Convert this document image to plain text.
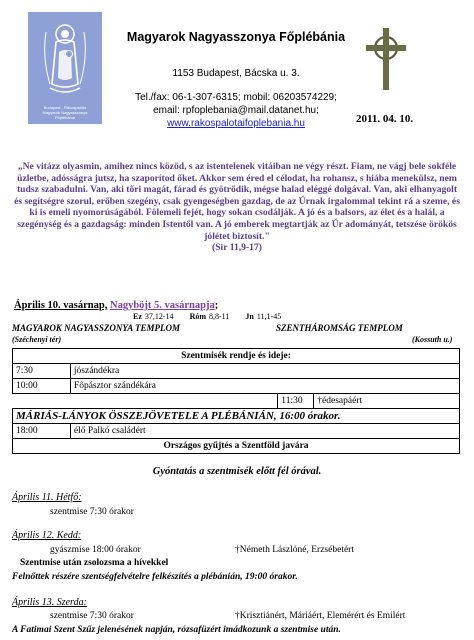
Budapest - Rákospalota
Magyarok Nagyasszonya
Főplébánia
Magyarok Nagyasszonya Főplébánia
1153 Budapest, Bácska u. 3.
Tel./fax: 06-1-307-6315; mobil: 06203574229;
email: rpfoplebania@mail.datanet.hu;
www.rakospalotaifoplebania.hu	2011. 04. 10.
„Ne vitázz olyasmin, amihez nincs közöd, s az istentelenek vitáiban ne végy részt. Fiam, ne vágj bele sokféle üzletbe, adósságra jutsz, ha szaporítod őket. Akkor sem éred el célodat, ha rohansz, s hiába menekülsz, nem tudsz szabadulni. Van, aki tőri magát, fárad és gyötrődik, mégse halad eléggé dolgával. Van, aki elhanyagolt és segítségre szorul, erőben szegény, csak gyengeségben gazdag, de az Úrnak irgalommal tekint rá a szeme, és ki is emeli nyomorúságából. Fölemeli fejét, hogy sokan csodálják. A jó és a balsors, az élet és a halál, a szegénység és a gazdagság: minden Istentől van. A jó emberek megtartják az Úr adományát, tetszése örökös jólétet biztosít."
(Sir 11,9-17)
Április 10. vasárnap, Nagyböjt 5. vasárnapja;
Ez 37,12-14 Róm 8,8-11 Jn 11,1-45
MAGYAROK NAGYASSZONYA TEMPLOM	SZENTHÁROMSÁG TEMPLOM
(Széchenyi tér)	(Kossuth u.)
Szentmisék rendje és ideje:			
7:30	jószándékra		
10:00	Főpásztor szándékára		
		11:30	†édesapáért
MÁRIÁS-LÁNYOK ÖSSZEJÖVETELE A PLÉBÁNIÁN, 16:00 órakor.			
18:00	élő Palkó családért		
Országos gyűjtés a Szentföld javára			
Gyóntatás a szentmisék előtt fél órával.
Április 11. Hétfő:
szentmise 7:30 órakor
Április 12. Kedd:
gyászmise 18:00 órakor	†Németh Lászlóné, Erzsébetért
Szentmise után zsolozsma a hívekkel
Felnőttek részére szentségfelvételre felkészítés a plébánián, 19:00 órakor.
Április 13. Szerda:
szentmise 7:30 órakor	†Krisztiánért, Máriáért, Elemérért és Emilért
A Fatimai Szent Szűz jelenésének napján, rózsafüzért imádkozunk a szentmise után.
